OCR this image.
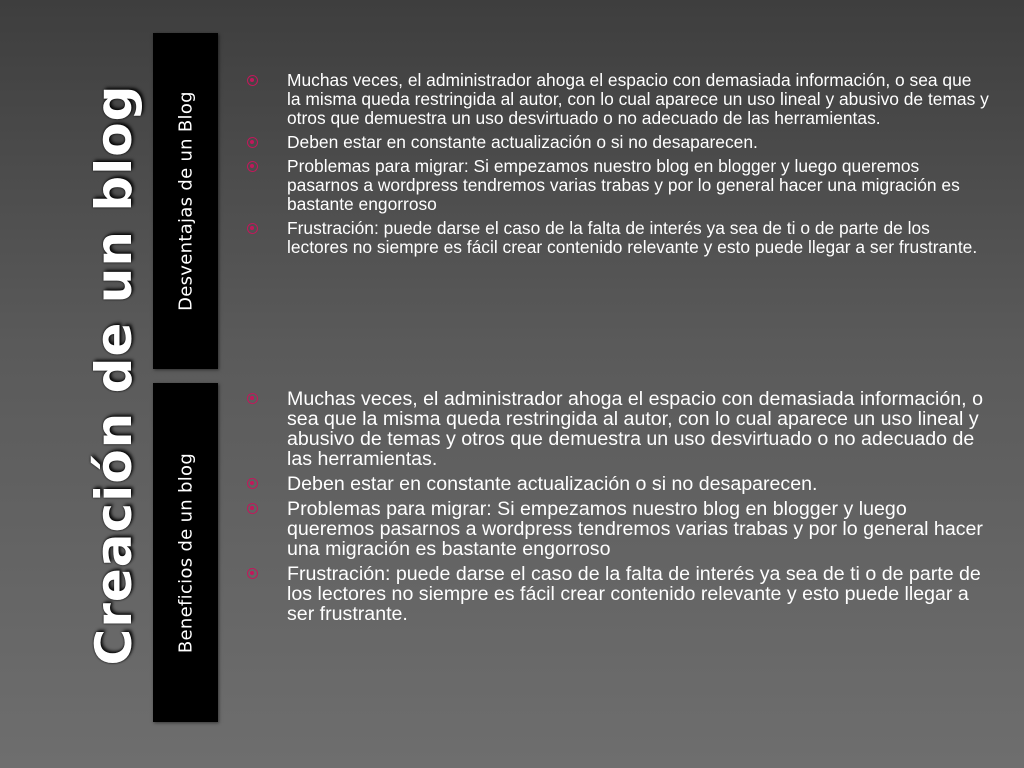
Creación de un blog Desventajas de un Blog
Beneficios de un blog
Muchas veces, el administrador ahoga el espacio con demasiada información, o sea que la misma queda restringida al autor, con lo cual aparece un uso lineal y abusivo de temas y otros que demuestra un uso desvirtuado o no adecuado de las herramientas.
Deben estar en constante actualización o si no desaparecen.
Problemas para migrar: Si empezamos nuestro blog en blogger y luego queremos pasarnos a wordpress tendremos varias trabas y por lo general hacer una migración es bastante engorroso
Frustración: puede darse el caso de la falta de interés ya sea de ti o de parte de los lectores no siempre es fácil crear contenido relevante y esto puede llegar a ser frustrante.
Muchas veces, el administrador ahoga el espacio con demasiada información, o sea que la misma queda restringida al autor, con lo cual aparece un uso lineal y abusivo de temas y otros que demuestra un uso desvirtuado o no adecuado de las herramientas.
Deben estar en constante actualización o si no desaparecen.
Problemas para migrar: Si empezamos nuestro blog en blogger y luego queremos pasarnos a wordpress tendremos varias trabas y por lo general hacer una migración es bastante engorroso
Frustración: puede darse el caso de la falta de interés ya sea de ti o de parte de los lectores no siempre es fácil crear contenido relevante y esto puede llegar a ser frustrante.
